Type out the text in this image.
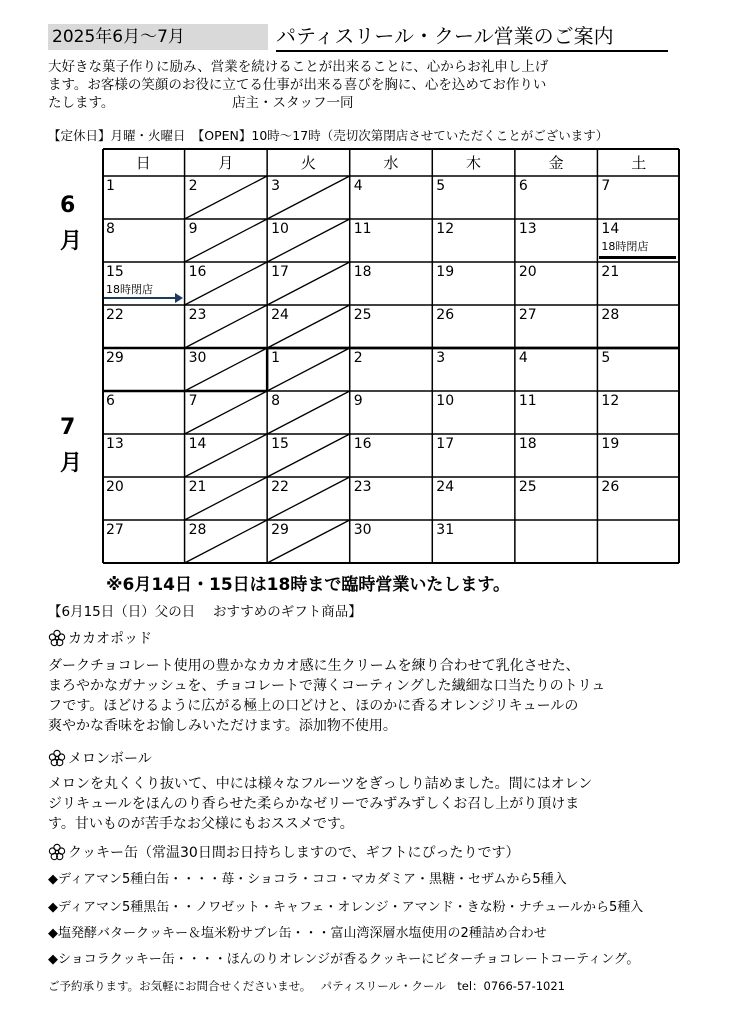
2025年6月～7月	パティスリール・クール営業のご案内
大好きな菓子作りに励み、営業を続けることが出来ることに、心からお礼申し上げ
ます。お客様の笑顔のお役に立てる仕事が出来る喜びを胸に、心を込めてお作りい
たします。	店主・スタッフ一同
【定休日】月曜・火曜日　【OPEN】10時～17時（売切次第閉店させていただくことがございます）
日	月	火	水	木	金	土
1	2	3	4	5	6	7
8	9	10	11	12	13	14
15	16	17	18	19	20	21
22	23	24	25	26	27	28
29	30	1	2	3	4	5
6	7	8	9	10	11	12
13	14	15	16	17	18	19
20	21	22	23	24	25	26
27	28	29	30	31
18時閉店
18時閉店
6
月
7
月
※6月14日・15日は18時まで臨時営業いたします。
【6月15日（日）父の日　 おすすめのギフト商品】
カカオポッド
ダークチョコレート使用の豊かなカカオ感に生クリームを練り合わせて乳化させた、
まろやかなガナッシュを、チョコレートで薄くコーティングした繊細な口当たりのトリュ
フです。ほどけるように広がる極上の口どけと、ほのかに香るオレンジリキュールの
爽やかな香味をお愉しみいただけます。添加物不使用。
メロンボール
メロンを丸くくり抜いて、中には様々なフルーツをぎっしり詰めました。間にはオレン
ジリキュールをほんのり香らせた柔らかなゼリーでみずみずしくお召し上がり頂けま
す。甘いものが苦手なお父様にもおススメです。
クッキー缶（常温30日間お日持ちしますので、ギフトにぴったりです）
◆ディアマン5種白缶・・・・苺・ショコラ・ココ・マカダミア・黒糖・セザムから5種入
◆ディアマン5種黒缶・・ノワゼット・キャフェ・オレンジ・アマンド・きな粉・ナチュールから5種入
◆塩発酵バタークッキー＆塩米粉サブレ缶・・・富山湾深層水塩使用の2種詰め合わせ
◆ショコラクッキー缶・・・・ほんのりオレンジが香るクッキーにビターチョコレートコーティング。
ご予約承ります。お気軽にお問合せくださいませ。　 パティスリール・クール　tel：0766-57-1021
